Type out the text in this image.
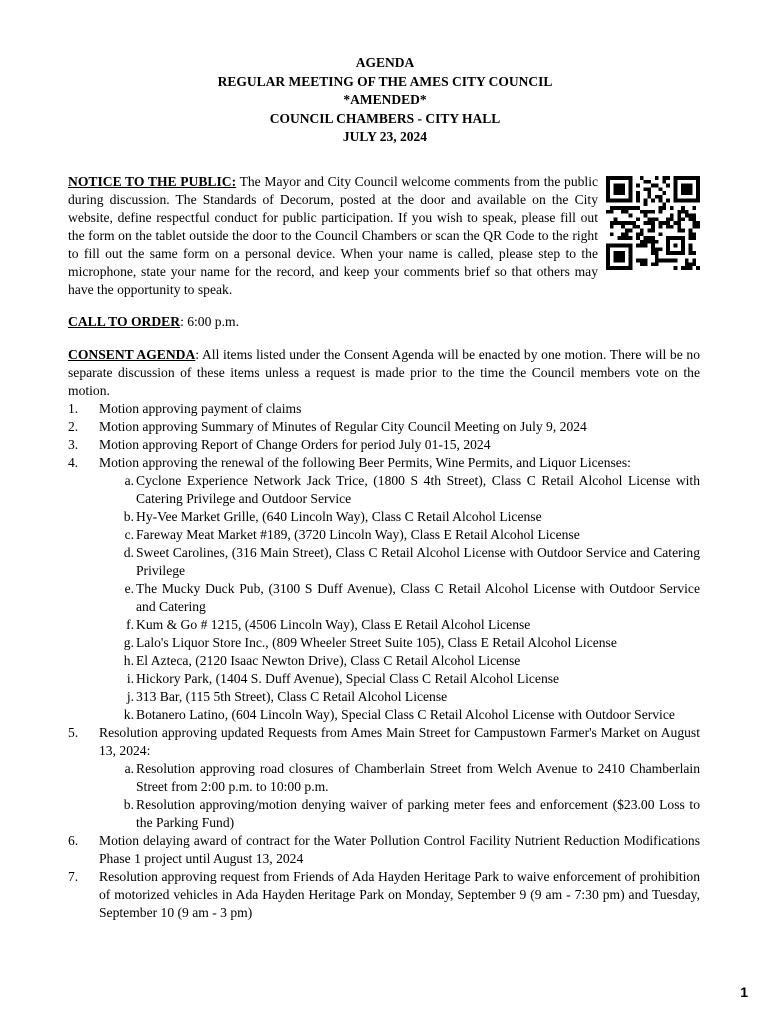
AGENDA
REGULAR MEETING OF THE AMES CITY COUNCIL
*AMENDED*
COUNCIL CHAMBERS - CITY HALL
JULY 23, 2024
NOTICE TO THE PUBLIC: The Mayor and City Council welcome comments from the public during discussion. The Standards of Decorum, posted at the door and available on the City website, define respectful conduct for public participation. If you wish to speak, please fill out the form on the tablet outside the door to the Council Chambers or scan the QR Code to the right to fill out the same form on a personal device. When your name is called, please step to the microphone, state your name for the record, and keep your comments brief so that others may have the opportunity to speak.
CALL TO ORDER: 6:00 p.m.
CONSENT AGENDA: All items listed under the Consent Agenda will be enacted by one motion. There will be no separate discussion of these items unless a request is made prior to the time the Council members vote on the motion.
1. Motion approving payment of claims
2. Motion approving Summary of Minutes of Regular City Council Meeting on July 9, 2024
3. Motion approving Report of Change Orders for period July 01-15, 2024
4. Motion approving the renewal of the following Beer Permits, Wine Permits, and Liquor Licenses:
a. Cyclone Experience Network Jack Trice, (1800 S 4th Street), Class C Retail Alcohol License with Catering Privilege and Outdoor Service
b. Hy-Vee Market Grille, (640 Lincoln Way), Class C Retail Alcohol License
c. Fareway Meat Market #189, (3720 Lincoln Way), Class E Retail Alcohol License
d. Sweet Carolines, (316 Main Street), Class C Retail Alcohol License with Outdoor Service and Catering Privilege
e. The Mucky Duck Pub, (3100 S Duff Avenue), Class C Retail Alcohol License with Outdoor Service and Catering
f. Kum & Go # 1215, (4506 Lincoln Way), Class E Retail Alcohol License
g. Lalo's Liquor Store Inc., (809 Wheeler Street Suite 105), Class E Retail Alcohol License
h. El Azteca, (2120 Isaac Newton Drive), Class C Retail Alcohol License
i. Hickory Park, (1404 S. Duff Avenue), Special Class C Retail Alcohol License
j. 313 Bar, (115 5th Street), Class C Retail Alcohol License
k. Botanero Latino, (604 Lincoln Way), Special Class C Retail Alcohol License with Outdoor Service
5. Resolution approving updated Requests from Ames Main Street for Campustown Farmer's Market on August 13, 2024:
a. Resolution approving road closures of Chamberlain Street from Welch Avenue to 2410 Chamberlain Street from 2:00 p.m. to 10:00 p.m.
b. Resolution approving/motion denying waiver of parking meter fees and enforcement ($23.00 Loss to the Parking Fund)
6. Motion delaying award of contract for the Water Pollution Control Facility Nutrient Reduction Modifications Phase 1 project until August 13, 2024
7. Resolution approving request from Friends of Ada Hayden Heritage Park to waive enforcement of prohibition of motorized vehicles in Ada Hayden Heritage Park on Monday, September 9 (9 am - 7:30 pm) and Tuesday, September 10 (9 am - 3 pm)
1
